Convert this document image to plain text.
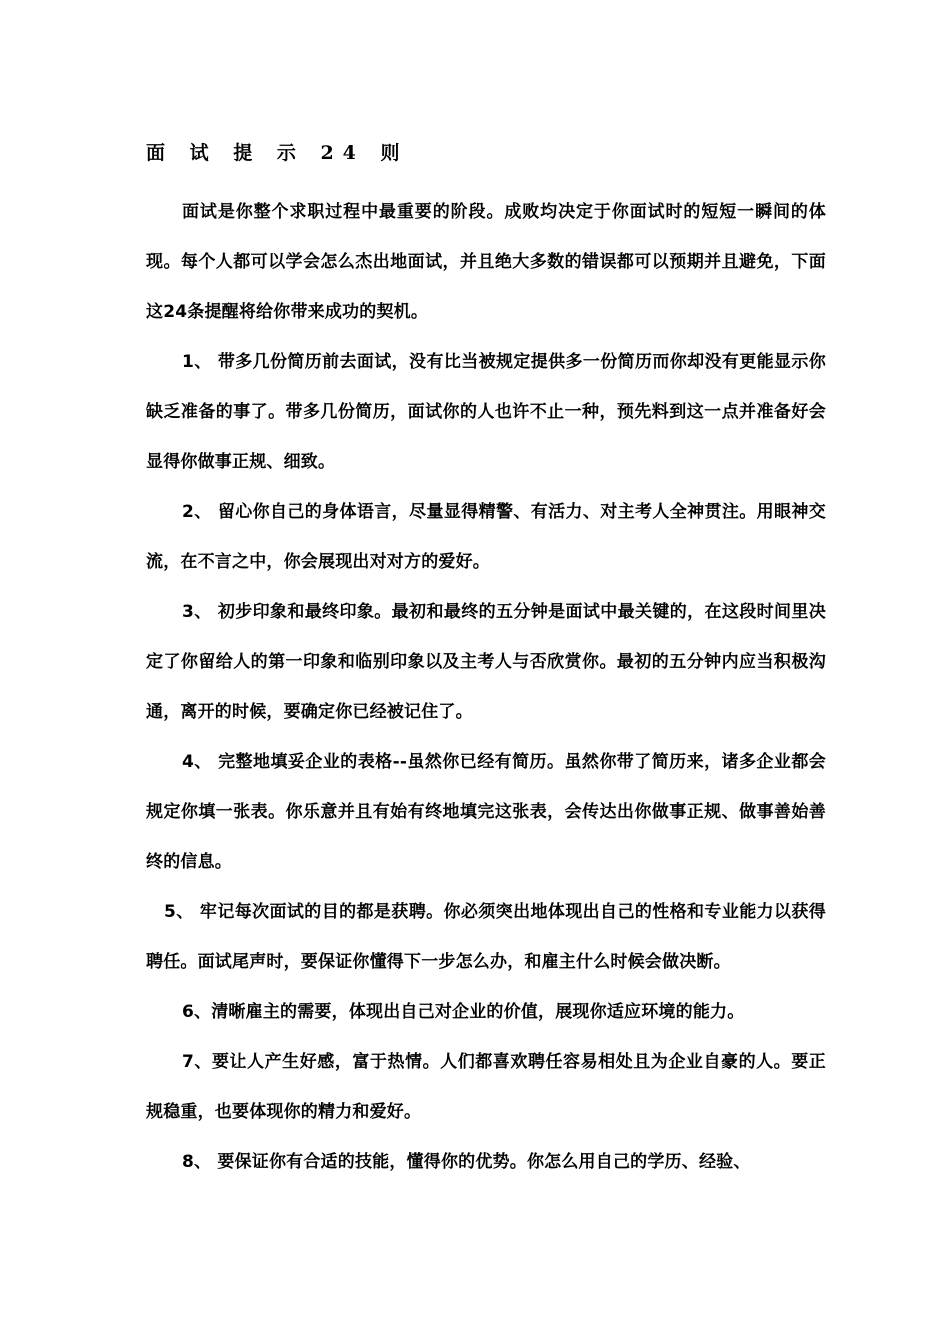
面 试 提 示 24 则

面试是你整个求职过程中最重要的阶段。成败均决定于你面试时的短短一瞬间的体现。每个人都可以学会怎么杰出地面试，并且绝大多数的错误都可以预期并且避免，下面这24条提醒将给你带来成功的契机。

1、 带多几份简历前去面试，没有比当被规定提供多一份简历而你却没有更能显示你缺乏准备的事了。带多几份简历，面试你的人也许不止一种，预先料到这一点并准备好会显得你做事正规、细致。

2、 留心你自己的身体语言，尽量显得精警、有活力、对主考人全神贯注。用眼神交流，在不言之中，你会展现出对对方的爱好。

3、 初步印象和最终印象。最初和最终的五分钟是面试中最关键的，在这段时间里决定了你留给人的第一印象和临别印象以及主考人与否欣赏你。最初的五分钟内应当积极沟通，离开的时候，要确定你已经被记住了。

4、 完整地填妥企业的表格--虽然你已经有简历。虽然你带了简历来，诸多企业都会规定你填一张表。你乐意并且有始有终地填完这张表，会传达出你做事正规、做事善始善终的信息。

5、 牢记每次面试的目的都是获聘。你必须突出地体现出自己的性格和专业能力以获得聘任。面试尾声时，要保证你懂得下一步怎么办，和雇主什么时候会做决断。

6、清晰雇主的需要，体现出自己对企业的价值，展现你适应环境的能力。

7、要让人产生好感，富于热情。人们都喜欢聘任容易相处且为企业自豪的人。要正规稳重，也要体现你的精力和爱好。

8、 要保证你有合适的技能，懂得你的优势。你怎么用自己的学历、经验、
